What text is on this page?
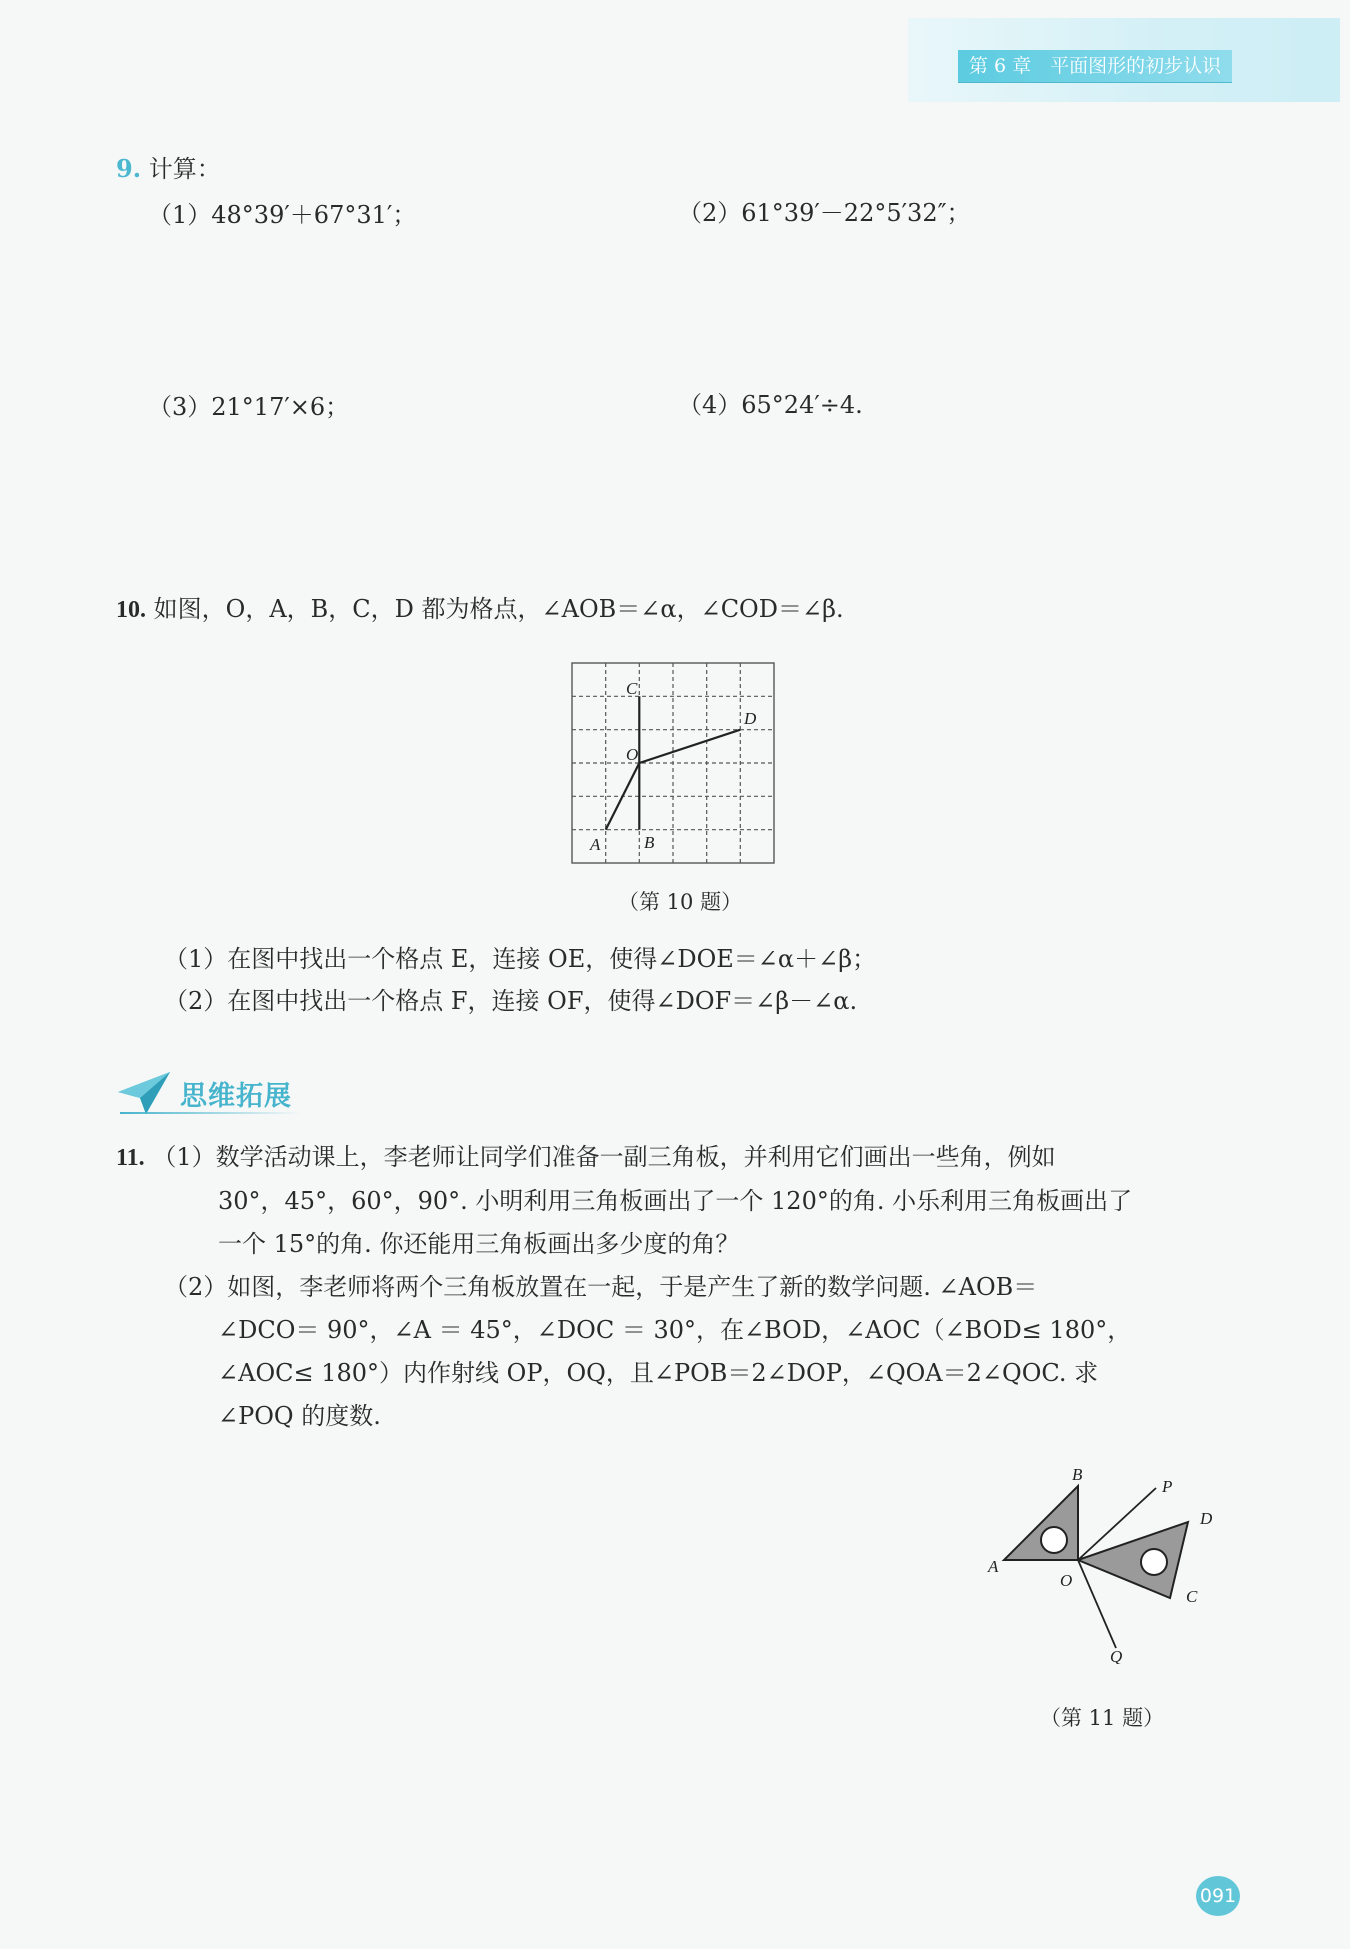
第 6 章　平面图形的初步认识
9. 计算：
（1）48°39′＋67°31′；	（2）61°39′－22°5′32″；
（3）21°17′×6；	（4）65°24′÷4.
10. 如图，O，A，B，C，D 都为格点，∠AOB＝∠α，∠COD＝∠β.
C
D
O
A	B
（第 10 题）
（1）在图中找出一个格点 E，连接 OE，使得∠DOE＝∠α＋∠β；
（2）在图中找出一个格点 F，连接 OF，使得∠DOF＝∠β－∠α.
思维拓展
11. （1）数学活动课上，李老师让同学们准备一副三角板，并利用它们画出一些角，例如
30°，45°，60°，90°. 小明利用三角板画出了一个 120°的角. 小乐利用三角板画出了
一个 15°的角. 你还能用三角板画出多少度的角？
（2）如图，李老师将两个三角板放置在一起，于是产生了新的数学问题. ∠AOB＝
∠DCO＝ 90°，∠A ＝ 45°，∠DOC ＝ 30°，在∠BOD，∠AOC（∠BOD≤ 180°，
∠AOC≤ 180°）内作射线 OP，OQ，且∠POB＝2∠DOP，∠QOA＝2∠QOC. 求
∠POQ 的度数.
B
P
D
A
O
C
Q
（第 11 题）
091
